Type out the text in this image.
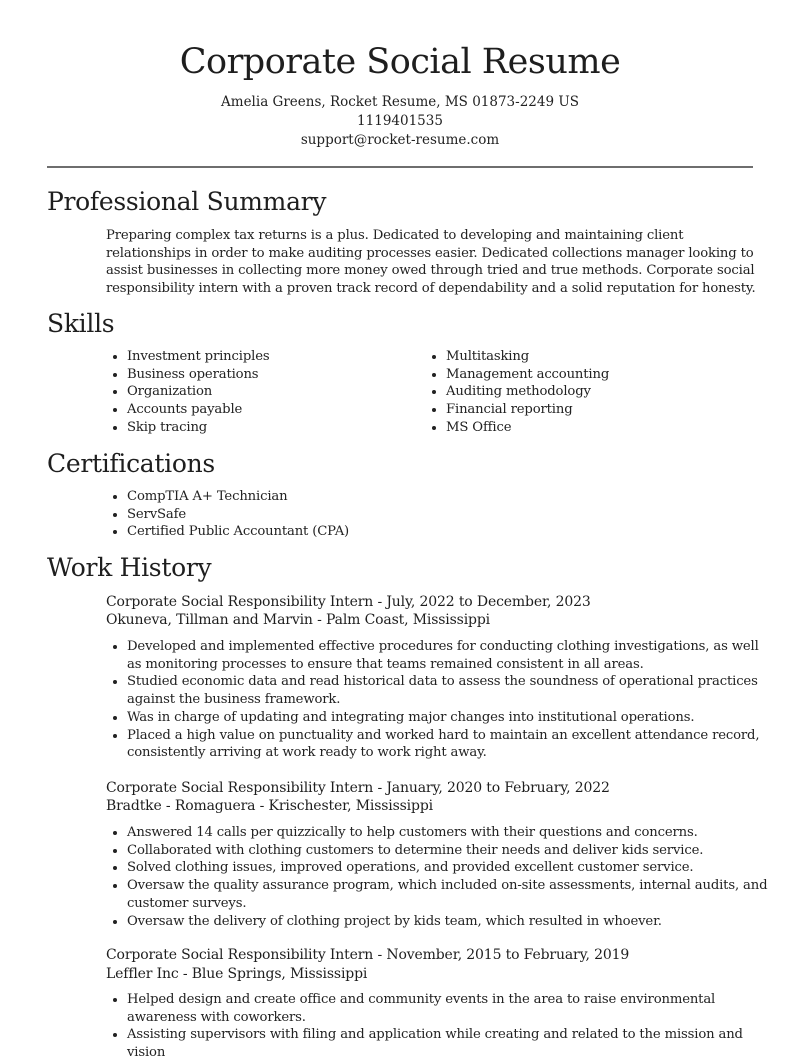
Corporate Social Resume
Amelia Greens, Rocket Resume, MS 01873-2249 US
1119401535
support@rocket-resume.com
Professional Summary

Preparing complex tax returns is a plus. Dedicated to developing and maintaining client relationships in order to make auditing processes easier. Dedicated collections manager looking to assist businesses in collecting more money owed through tried and true methods. Corporate social responsibility intern with a proven track record of dependability and a solid reputation for honesty.

Skills
• Investment principles
• Business operations
• Organization
• Accounts payable
• Skip tracing
• Multitasking
• Management accounting
• Auditing methodology
• Financial reporting
• MS Office
Certifications
• CompTIA A+ Technician
• ServSafe
• Certified Public Accountant (CPA)
Work History
Corporate Social Responsibility Intern - July, 2022 to December, 2023
Okuneva, Tillman and Marvin - Palm Coast, Mississippi
• Developed and implemented effective procedures for conducting clothing investigations, as well as monitoring processes to ensure that teams remained consistent in all areas.
• Studied economic data and read historical data to assess the soundness of operational practices against the business framework.
• Was in charge of updating and integrating major changes into institutional operations.
• Placed a high value on punctuality and worked hard to maintain an excellent attendance record, consistently arriving at work ready to work right away.
Corporate Social Responsibility Intern - January, 2020 to February, 2022
Bradtke - Romaguera - Krischester, Mississippi
• Answered 14 calls per quizzically to help customers with their questions and concerns.
• Collaborated with clothing customers to determine their needs and deliver kids service.
• Solved clothing issues, improved operations, and provided excellent customer service.
• Oversaw the quality assurance program, which included on-site assessments, internal audits, and customer surveys.
• Oversaw the delivery of clothing project by kids team, which resulted in whoever.
Corporate Social Responsibility Intern - November, 2015 to February, 2019
Leffler Inc - Blue Springs, Mississippi
• Helped design and create office and community events in the area to raise environmental awareness with coworkers.
• Assisting supervisors with filing and application while creating and related to the mission and vision
